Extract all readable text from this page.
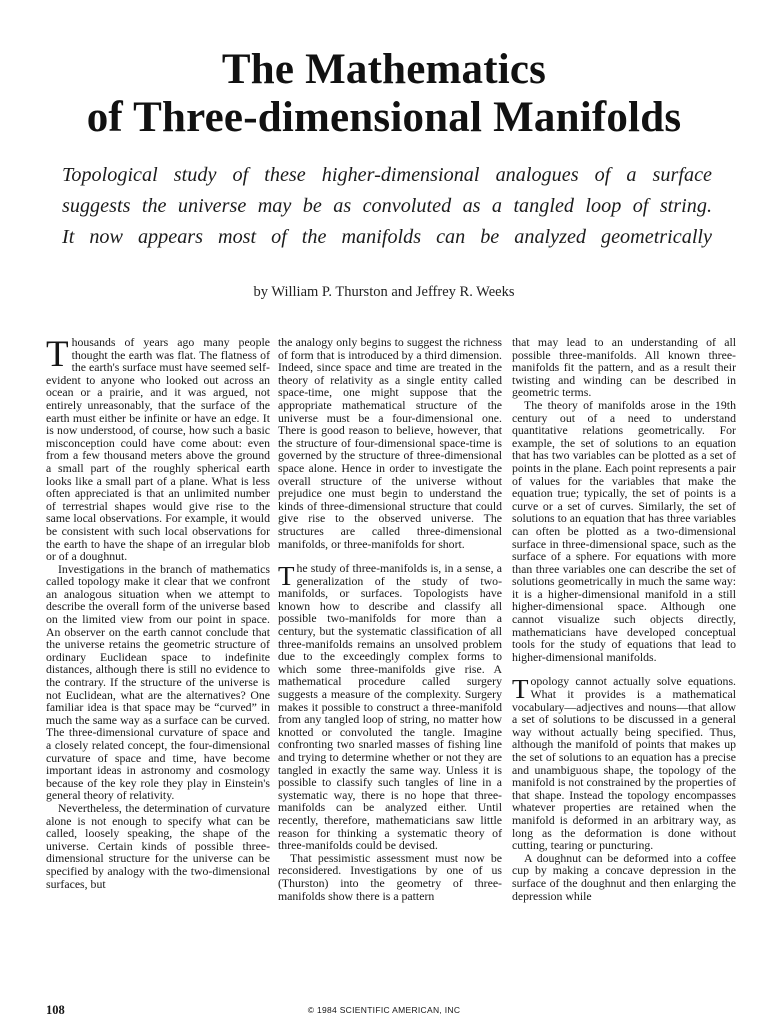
The Mathematics
of Three-dimensional Manifolds
Topological study of these higher-dimensional analogues of a surface
suggests the universe may be as convoluted as a tangled loop of string.
It now appears most of the manifolds can be analyzed geometrically
by William P. Thurston and Jeffrey R. Weeks

Thousands of years ago many people thought the earth was flat. The flatness of the earth's surface must have seemed self-evident to anyone who looked out across an ocean or a prairie, and it was argued, not entirely unreasonably, that the surface of the earth must either be infinite or have an edge. It is now understood, of course, how such a basic misconception could have come about: even from a few thousand meters above the ground a small part of the roughly spherical earth looks like a small part of a plane. What is less often appreciated is that an unlimited number of terrestrial shapes would give rise to the same local observations. For example, it would be consistent with such local observations for the earth to have the shape of an irregular blob or of a doughnut.

Investigations in the branch of mathematics called topology make it clear that we confront an analogous situation when we attempt to describe the overall form of the universe based on the limited view from our point in space. An observer on the earth cannot conclude that the universe retains the geometric structure of ordinary Euclidean space to indefinite distances, although there is still no evidence to the contrary. If the structure of the universe is not Euclidean, what are the alternatives? One familiar idea is that space may be “curved” in much the same way as a surface can be curved. The three-dimensional curvature of space and a closely related concept, the four-dimensional curvature of space and time, have become important ideas in astronomy and cosmology because of the key role they play in Einstein's general theory of relativity.

Nevertheless, the determination of curvature alone is not enough to specify what can be called, loosely speaking, the shape of the universe. Certain kinds of possible three-dimensional structure for the universe can be specified by analogy with the two-dimensional surfaces, but

the analogy only begins to suggest the richness of form that is introduced by a third dimension. Indeed, since space and time are treated in the theory of relativity as a single entity called space-time, one might suppose that the appropriate mathematical structure of the universe must be a four-dimensional one. There is good reason to believe, however, that the structure of four-dimensional space-time is governed by the structure of three-dimensional space alone. Hence in order to investigate the overall structure of the universe without prejudice one must begin to understand the kinds of three-dimensional structure that could give rise to the observed universe. The structures are called three-dimensional manifolds, or three-manifolds for short.

The study of three-manifolds is, in a sense, a generalization of the study of two-manifolds, or surfaces. Topologists have known how to describe and classify all possible two-manifolds for more than a century, but the systematic classification of all three-manifolds remains an unsolved problem due to the exceedingly complex forms to which some three-manifolds give rise. A mathematical procedure called surgery suggests a measure of the complexity. Surgery makes it possible to construct a three-manifold from any tangled loop of string, no matter how knotted or convoluted the tangle. Imagine confronting two snarled masses of fishing line and trying to determine whether or not they are tangled in exactly the same way. Unless it is possible to classify such tangles of line in a systematic way, there is no hope that three-manifolds can be analyzed either. Until recently, therefore, mathematicians saw little reason for thinking a systematic theory of three-manifolds could be devised.

That pessimistic assessment must now be reconsidered. Investigations by one of us (Thurston) into the geometry of three-manifolds show there is a pattern

that may lead to an understanding of all possible three-manifolds. All known three-manifolds fit the pattern, and as a result their twisting and winding can be described in geometric terms.

The theory of manifolds arose in the 19th century out of a need to understand quantitative relations geometrically. For example, the set of solutions to an equation that has two variables can be plotted as a set of points in the plane. Each point represents a pair of values for the variables that make the equation true; typically, the set of points is a curve or a set of curves. Similarly, the set of solutions to an equation that has three variables can often be plotted as a two-dimensional surface in three-dimensional space, such as the surface of a sphere. For equations with more than three variables one can describe the set of solutions geometrically in much the same way: it is a higher-dimensional manifold in a still higher-dimensional space. Although one cannot visualize such objects directly, mathematicians have developed conceptual tools for the study of equations that lead to higher-dimensional manifolds.

Topology cannot actually solve equations. What it provides is a mathematical vocabulary—adjectives and nouns—that allow a set of solutions to be discussed in a general way without actually being specified. Thus, although the manifold of points that makes up the set of solutions to an equation has a precise and unambiguous shape, the topology of the manifold is not constrained by the properties of that shape. Instead the topology encompasses whatever properties are retained when the manifold is deformed in an arbitrary way, as long as the deformation is done without cutting, tearing or puncturing.

A doughnut can be deformed into a coffee cup by making a concave depression in the surface of the doughnut and then enlarging the depression while

108	© 1984 SCIENTIFIC AMERICAN, INC
